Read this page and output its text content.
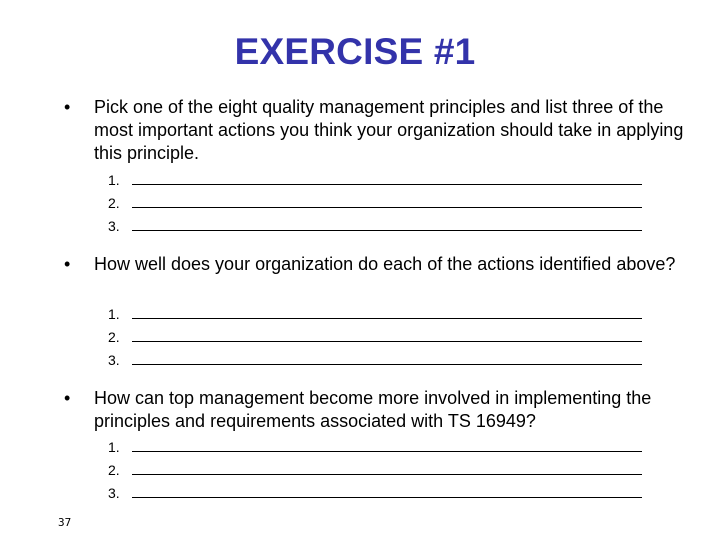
EXERCISE #1
• Pick one of the eight quality management principles and list three of the most important actions you think your organization should take in applying this principle.
1.
2.
3.
• How well does your organization do each of the actions identified above?
1.
2.
3.
• How can top management become more involved in implementing the principles and requirements associated with TS 16949?
1.
2.
3.
37
